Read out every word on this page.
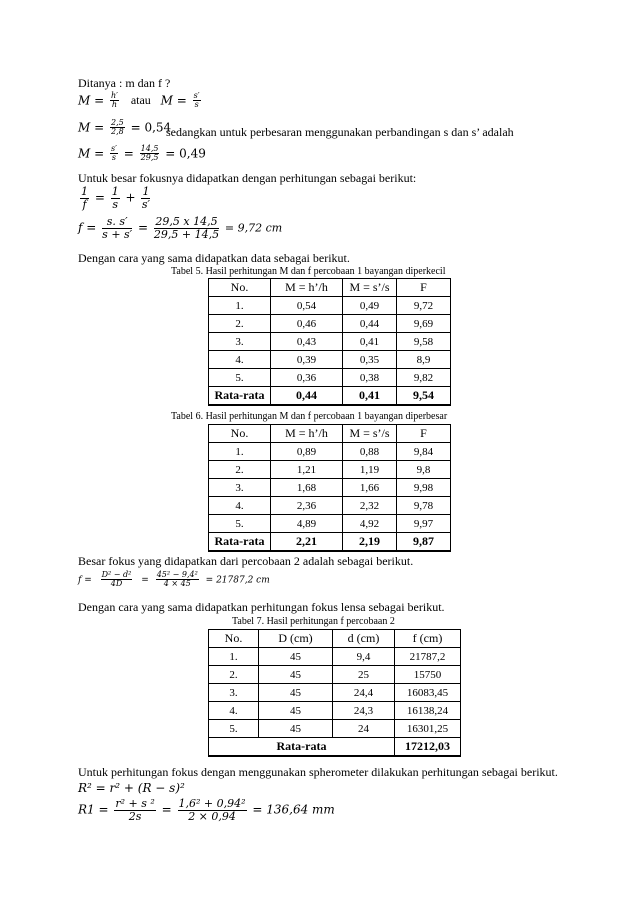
Ditanya : m dan f ?
$M = \frac{h'}{h}$ atau $M = \frac{s'}{s}$
$M = \frac{2,5}{2,8} = 0,54$
sedangkan untuk perbesaran menggunakan perbandingan s dan s’ adalah
$M = \frac{s'}{s} = \frac{14,5}{29,5} = 0,49$
Untuk besar fokusnya didapatkan dengan perhitungan sebagai berikut:
$\frac{1}{f} = \frac{1}{s} + \frac{1}{s'}$
$f = \frac{s. s'}{s + s'} = \frac{29,5 x 14,5}{29,5 + 14,5} = 9,72$ cm
Dengan cara yang sama didapatkan data sebagai berikut.
Tabel 5. Hasil perhitungan M dan f percobaan 1 bayangan diperkecil
No.	M = h’/h	M = s’/s	F
1.	0,54	0,49	9,72
2.	0,46	0,44	9,69
3.	0,43	0,41	9,58
4.	0,39	0,35	8,9
5.	0,36	0,38	9,82
Rata-rata	0,44	0,41	9,54
Tabel 6. Hasil perhitungan M dan f percobaan 1 bayangan diperbesar
No.	M = h’/h	M = s’/s	F
1.	0,89	0,88	9,84
2.	1,21	1,19	9,8
3.	1,68	1,66	9,98
4.	2,36	2,32	9,78
5.	4,89	4,92	9,97
Rata-rata	2,21	2,19	9,87
Besar fokus yang didapatkan dari percobaan 2 adalah sebagai berikut.
$f = \frac{\text{D² − d²}}{4D} = \frac{\text{45² − 9,4²}}{4 \times 45} = 21787,2$ cm
Dengan cara yang sama didapatkan perhitungan fokus lensa sebagai berikut.
Tabel 7. Hasil perhitungan f percobaan 2
No.	D (cm)	d (cm)	f (cm)
1.	45	9,4	21787,2
2.	45	25	15750
3.	45	24,4	16083,45
4.	45	24,3	16138,24
5.	45	24	16301,25
Rata-rata			17212,03
Untuk perhitungan fokus dengan menggunakan spherometer dilakukan perhitungan sebagai berikut.
R² = r² + (R − s)²
$R1 = \frac{\text{r² + s ²}}{2s} = \frac{\text{1,6² + 0,94²}}{2 \times 0,94} = 136,64$ mm
